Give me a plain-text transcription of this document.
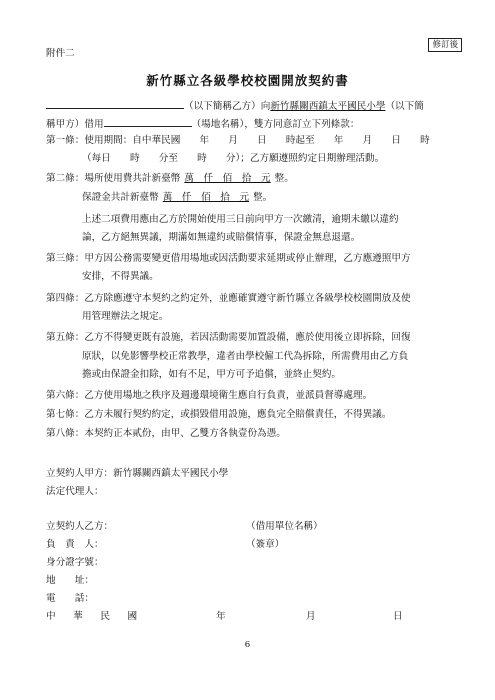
修訂後
附件二
新竹縣立各級學校校園開放契約書
（以下簡稱乙方）向新竹縣關西鎮太平國民小學（以下簡
稱甲方）借用	（場地名稱），雙方同意訂立下列條款：
第一條：使用期間：自中華民國　　年　　月　　日　　時起至　　年　　月　　日　　時
（每日　　時　　分至　　時　　分）；乙方願遵照約定日期辦理活動。
第二條：場所使用費共計新臺幣 萬　仟　佰　拾　元 整。
保證金共計新臺幣 萬　仟　佰　拾　元 整。
上述二項費用應由乙方於開始使用三日前向甲方一次繳清，逾期未繳以違約
論，乙方絕無異議，期滿如無違約或賠償情事，保證金無息退還。
第三條：甲方因公務需要變更借用場地或因活動要求延期或停止辦理，乙方應遵照甲方
安排，不得異議。
第四條：乙方除應遵守本契約之約定外，並應確實遵守新竹縣立各級學校校園開放及使
用管理辦法之規定。
第五條：乙方不得變更既有設施，若因活動需要加置設備，應於使用後立即拆除，回復
原狀，以免影響學校正常教學，違者由學校僱工代為拆除，所需費用由乙方負
擔或由保證金扣除，如有不足，甲方可予追償，並終止契約。
第六條：乙方使用場地之秩序及週邊環境衛生應自行負責，並派員督導處理。
第七條：乙方未履行契約約定，或損毀借用設施，應負完全賠償責任，不得異議。
第八條：本契約正本貳份，由甲、乙雙方各執壹份為憑。
立契約人甲方：新竹縣關西鎮太平國民小學
法定代理人：
立契約人乙方：	（借用單位名稱）
負　責　人：	（簽章）
身分證字號：
地　　址：
電　　話：
中　華　民　國	年	月	日
6
